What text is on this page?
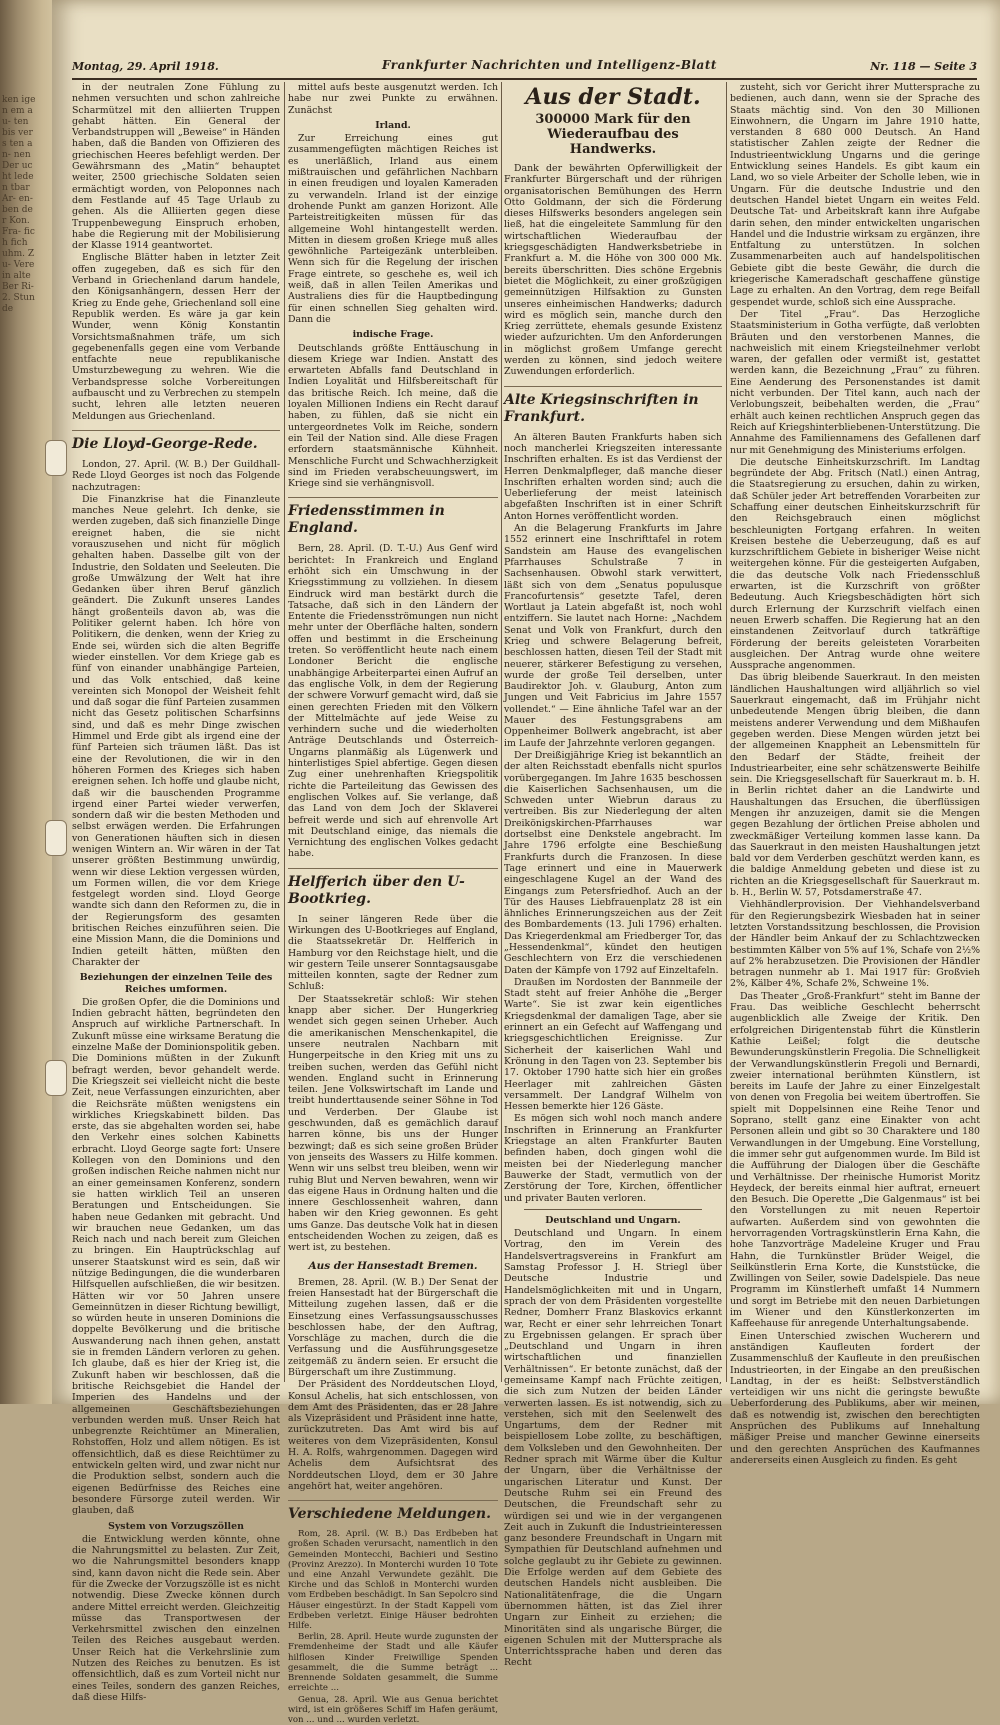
ken igen em au- ten bis vers ten an- nen Der ucht leden tbar Ar- en- ben der Kon. Fra- fich fich uhm. Zu- Verein alte Ber Ri- 2. Stunde
Montag, 29. April 1918.	Frankfurter Nachrichten und Intelligenz-Blatt	Nr. 118 — Seite 3

in der neutralen Zone Fühlung zu nehmen versuchten und schon zahlreiche Scharmützel mit den alliierten Truppen gehabt hätten. Ein General der Verbandstruppen will „Beweise“ in Händen haben, daß die Banden von Offizieren des griechischen Heeres befehligt werden. Der Gewährsmann des „Matin“ behauptet weiter, 2500 griechische Soldaten seien ermächtigt worden, von Peloponnes nach dem Festlande auf 45 Tage Urlaub zu gehen. Als die Alliierten gegen diese Truppenbewegung Einspruch erhoben, habe die Regierung mit der Mobilisierung der Klasse 1914 geantwortet.

Englische Blätter haben in letzter Zeit offen zugegeben, daß es sich für den Verband in Griechenland darum handele, den Königsanhängern, dessen Herr der Krieg zu Ende gehe, Griechenland soll eine Republik werden. Es wäre ja gar kein Wunder, wenn König Konstantin Vorsichtsmaßnahmen träfe, um sich gegebenenfalls gegen eine vom Verbande entfachte neue republikanische Umsturzbewegung zu wehren. Wie die Verbandspresse solche Vorbereitungen aufbauscht und zu Verbrechen zu stempeln sucht, lehren alle letzten neueren Meldungen aus Griechenland.

Die Lloyd-George-Rede.

London, 27. April. (W. B.) Der Guildhall-Rede Lloyd Georges ist noch das Folgende nachzutragen:

Die Finanzkrise hat die Finanzleute manches Neue gelehrt. Ich denke, sie werden zugeben, daß sich finanzielle Dinge ereignet haben, die sie nicht vorauszusehen und nicht für möglich gehalten haben. Dasselbe gilt von der Industrie, den Soldaten und Seeleuten. Die große Umwälzung der Welt hat ihre Gedanken über ihren Beruf gänzlich geändert. Die Zukunft unseres Landes hängt großenteils davon ab, was die Politiker gelernt haben. Ich höre von Politikern, die denken, wenn der Krieg zu Ende sei, würden sich die alten Begriffe wieder einstellen. Vor dem Kriege gab es fünf von einander unabhängige Parteien, und das Volk entschied, daß keine vereinten sich Monopol der Weisheit fehlt und daß sogar die fünf Parteien zusammen nicht das Gesetz politischen Scharfsinns sind, und daß es mehr Dinge zwischen Himmel und Erde gibt als irgend eine der fünf Parteien sich träumen läßt. Das ist eine der Revolutionen, die wir in den höheren Formen des Krieges sich haben ereignen sehen. Ich hoffe und glaube nicht, daß wir die bauschenden Programme irgend einer Partei wieder verwerfen, sondern daß wir die besten Methoden und selbst erwägen werden. Die Erfahrungen von Generationen häuften sich in diesen wenigen Wintern an. Wir wären in der Tat unserer größten Bestimmung unwürdig, wenn wir diese Lektion vergessen würden, um Formen willen, die vor dem Kriege festgelegt worden sind. Lloyd George wandte sich dann den Reformen zu, die in der Regierungsform des gesamten britischen Reiches einzuführen seien. Die eine Mission Mann, die die Dominions und Indien geteilt hätten, müßten den Charakter der

Beziehungen der einzelnen Teile des Reiches umformen.

Die großen Opfer, die die Dominions und Indien gebracht hätten, begründeten den Anspruch auf wirkliche Partnerschaft. In Zukunft müsse eine wirksame Beratung die einzelne Maße der Dominionspolitik geben. Die Dominions müßten in der Zukunft befragt werden, bevor gehandelt werde. Die Kriegszeit sei vielleicht nicht die beste Zeit, neue Verfassungen einzurichten, aber die Reichsräte müßten wenigstens ein wirkliches Kriegskabinett bilden. Das erste, das sie abgehalten worden sei, habe den Verkehr eines solchen Kabinetts erbracht. Lloyd George sagte fort: Unsere Kollegen von den Dominions und den großen indischen Reiche nahmen nicht nur an einer gemeinsamen Konferenz, sondern sie hatten wirklich Teil an unseren Beratungen und Entscheidungen. Sie haben neue Gedanken mit gebracht. Und wir brauchen neue Gedanken, um das Reich nach und nach bereit zum Gleichen zu bringen. Ein Hauptrückschlag auf unserer Staatskunst wird es sein, daß wir nützige Bedingungen, die die wunderbaren Hilfsquellen aufschließen, die wir besitzen. Hätten wir vor 50 Jahren unsere Gemeinnützen in dieser Richtung bewilligt, so würden heute in unseren Dominions die doppelte Bevölkerung und die britische Auswanderung nach ihnen gehen, anstatt sie in fremden Ländern verloren zu gehen. Ich glaube, daß es hier der Krieg ist, die Zukunft haben wir beschlossen, daß die britische Reichsgebiet die Handel der Imperien des Handelns und der allgemeinen Geschäftsbeziehungen verbunden werden muß. Unser Reich hat unbegrenzte Reichtümer an Mineralien, Rohstoffen, Holz und allem nötigen. Es ist offensichtlich, daß es diese Reichtümer zu entwickeln gelten wird, und zwar nicht nur die Produktion selbst, sondern auch die eigenen Bedürfnisse des Reiches eine besondere Fürsorge zuteil werden. Wir glauben, daß

System von Vorzugszöllen

die Entwicklung werden könnte, ohne die Nahrungsmittel zu belasten. Zur Zeit, wo die Nahrungsmittel besonders knapp sind, kann davon nicht die Rede sein. Aber für die Zwecke der Vorzugszölle ist es nicht notwendig. Diese Zwecke können durch andere Mittel erreicht werden. Gleichzeitig müsse das Transportwesen der Verkehrsmittel zwischen den einzelnen Teilen des Reiches ausgebaut werden. Unser Reich hat die Verkehrslinie zum Nutzen des Reiches zu benutzen. Es ist offensichtlich, daß es zum Vorteil nicht nur eines Teiles, sondern des ganzen Reiches, daß diese Hilfs-

mittel aufs beste ausgenutzt werden. Ich habe nur zwei Punkte zu erwähnen. Zunächst

Irland.

Zur Erreichung eines gut zusammengefügten mächtigen Reiches ist es unerläßlich, Irland aus einem mißtrauischen und gefährlichen Nachbarn in einen freudigen und loyalen Kameraden zu verwandeln. Irland ist der einzige drohende Punkt am ganzen Horizont. Alle Parteistreitigkeiten müssen für das allgemeine Wohl hintangestellt werden. Mitten in diesem großen Kriege muß alles gewöhnliche Parteigezänk unterbleiben. Wenn sich für die Regelung der irischen Frage eintrete, so geschehe es, weil ich weiß, daß in allen Teilen Amerikas und Australiens dies für die Hauptbedingung für einen schnellen Sieg gehalten wird. Dann die

indische Frage.

Deutschlands größte Enttäuschung in diesem Kriege war Indien. Anstatt des erwarteten Abfalls fand Deutschland in Indien Loyalität und Hilfsbereitschaft für das britische Reich. Ich meine, daß die loyalen Millionen Indiens ein Recht darauf haben, zu fühlen, daß sie nicht ein untergeordnetes Volk im Reiche, sondern ein Teil der Nation sind. Alle diese Fragen erfordern staatsmännische Kühnheit. Menschliche Furcht und Schwachherzigkeit sind im Frieden verabscheuungswert, im Kriege sind sie verhängnisvoll.

Friedensstimmen in England.

Bern, 28. April. (D. T.-U.) Aus Genf wird berichtet: In Frankreich und England erhöht sich ein Umschwung in der Kriegsstimmung zu vollziehen. In diesem Eindruck wird man bestärkt durch die Tatsache, daß sich in den Ländern der Entente die Friedensströmungen nun nicht mehr unter der Oberfläche halten, sondern offen und bestimmt in die Erscheinung treten. So veröffentlicht heute nach einem Londoner Bericht die englische unabhängige Arbeiterpartei einen Aufruf an das englische Volk, in dem der Regierung der schwere Vorwurf gemacht wird, daß sie einen gerechten Frieden mit den Völkern der Mittelmächte auf jede Weise zu verhindern suche und die wiederholten Anträge Deutschlands und Österreich-Ungarns planmäßig als Lügenwerk und hinterlistiges Spiel abfertige. Gegen diesen Zug einer unehrenhaften Kriegspolitik richte die Parteileitung das Gewissen des englischen Volkes auf. Sie verlange, daß das Land von dem Joch der Sklaverei befreit werde und sich auf ehrenvolle Art mit Deutschland einige, das niemals die Vernichtung des englischen Volkes gedacht habe.

Helfferich über den U-Bootkrieg.

In seiner längeren Rede über die Wirkungen des U-Bootkrieges auf England, die Staatssekretär Dr. Helfferich in Hamburg vor den Reichstage hielt, und die wir gestern Teile unserer Sonntagsausgabe mitteilen konnten, sagte der Redner zum Schluß:

Der Staatssekretär schloß: Wir stehen knapp aber sicher. Der Hungerkrieg wendet sich gegen seinen Urheber. Auch die amerikanischen Menschenkapitel, die unsere neutralen Nachbarn mit Hungerpeitsche in den Krieg mit uns zu treiben suchen, werden das Gefühl nicht wenden. England sucht in Erinnerung teilen. Jene Volkswirtschaft im Lande und treibt hunderttausende seiner Söhne in Tod und Verderben. Der Glaube ist geschwunden, daß es gemächlich darauf harren könne, bis uns der Hunger bezwingt; daß es sich seine großen Brüder von jenseits des Wassers zu Hilfe kommen. Wenn wir uns selbst treu bleiben, wenn wir ruhig Blut und Nerven bewahren, wenn wir das eigene Haus in Ordnung halten und die innere Geschlossenheit wahren, dann haben wir den Krieg gewonnen. Es geht ums Ganze. Das deutsche Volk hat in diesen entscheidenden Wochen zu zeigen, daß es wert ist, zu bestehen.

Aus der Hansestadt Bremen.

Bremen, 28. April. (W. B.) Der Senat der freien Hansestadt hat der Bürgerschaft die Mitteilung zugehen lassen, daß er die Einsetzung eines Verfassungsausschusses beschlossen habe, der den Auftrag, Vorschläge zu machen, durch die die Verfassung und die Ausführungsgesetze zeitgemäß zu ändern seien. Er ersucht die Bürgerschaft um ihre Zustimmung.

Der Präsident des Norddeutschen Lloyd, Konsul Achelis, hat sich entschlossen, von dem Amt des Präsidenten, das er 28 Jahre als Vizepräsident und Präsident inne hatte, zurückzutreten. Das Amt wird bis auf weiteres von dem Vizepräsidenten, Konsul H. A. Rolfs, wahrgenommen. Dagegen wird Achelis dem Aufsichtsrat des Norddeutschen Lloyd, dem er 30 Jahre angehört hat, weiter angehören.

Verschiedene Meldungen.

Rom, 28. April. (W. B.) Das Erdbeben hat großen Schaden verursacht, namentlich in den Gemeinden Montecchi, Bachieri und Sestino (Provinz Arezzo). In Monterchi wurden 10 Tote und eine Anzahl Verwundete gezählt. Die Kirche und das Schloß in Monterchi wurden vom Erdbeben beschädigt. In San Sepolcro sind Häuser eingestürzt. In der Stadt Kappeli vom Erdbeben verletzt. Einige Häuser bedrohten Hilfe.

Berlin, 28. April. Heute wurde zugunsten der Fremdenheime der Stadt und alle Käufer hilflosen Kinder Freiwillige Spenden gesammelt, die die Summe beträgt ... Brennende Soldaten gesammelt, die Summe erreichte ...

Genua, 28. April. Wie aus Genua berichtet wird, ist ein größeres Schiff im Hafen geräumt, von ... und ... wurden verletzt.

Aus der Stadt.
300000 Mark für den Wiederaufbau des Handwerks.

Dank der bewährten Opferwilligkeit der Frankfurter Bürgerschaft und der rührigen organisatorischen Bemühungen des Herrn Otto Goldmann, der sich die Förderung dieses Hilfswerks besonders angelegen sein ließ, hat die eingeleitete Sammlung für den wirtschaftlichen Wiederaufbau der kriegsgeschädigten Handwerksbetriebe in Frankfurt a. M. die Höhe von 300 000 Mk. bereits überschritten. Dies schöne Ergebnis bietet die Möglichkeit, zu einer großzügigen gemeinnützigen Hilfsaktion zu Gunsten unseres einheimischen Handwerks; dadurch wird es möglich sein, manche durch den Krieg zerrüttete, ehemals gesunde Existenz wieder aufzurichten. Um den Anforderungen in möglichst großem Umfange gerecht werden zu können, sind jedoch weitere Zuwendungen erforderlich.

Alte Kriegsinschriften in Frankfurt.

An älteren Bauten Frankfurts haben sich noch mancherlei Kriegszeiten interessante Inschriften erhalten. Es ist das Verdienst der Herren Denkmalpfleger, daß manche dieser Inschriften erhalten worden sind; auch die Ueberlieferung der meist lateinisch abgefaßten Inschriften ist in einer Schrift Anton Hornes veröffentlicht worden.

An die Belagerung Frankfurts im Jahre 1552 erinnert eine Inschrifttafel in rotem Sandstein am Hause des evangelischen Pfarrhauses Schulstraße 7 in Sachsenhausen. Obwohl stark verwittert, läßt sich von dem „Senatus populusque Francofurtensis“ gesetzte Tafel, deren Wortlaut ja Latein abgefaßt ist, noch wohl entziffern. Sie lautet nach Horne: „Nachdem Senat und Volk von Frankfurt, durch den Krieg und schwere Belagerung befreit, beschlossen hatten, diesen Teil der Stadt mit neuerer, stärkerer Befestigung zu versehen, wurde der große Teil derselben, unter Baudirektor Joh. v. Glauburg, Anton zum Jungen und Veit Fabricius im Jahre 1557 vollendet.“ — Eine ähnliche Tafel war an der Mauer des Festungsgrabens am Oppenheimer Bollwerk angebracht, ist aber im Laufe der Jahrzehnte verloren gegangen.

Der Dreißigjährige Krieg ist bekanntlich an der alten Reichsstadt ebenfalls nicht spurlos vorübergegangen. Im Jahre 1635 beschossen die Kaiserlichen Sachsenhausen, um die Schweden unter Wiebrun daraus zu vertreiben. Bis zur Niederlegung der alten Dreikönigskirchen-Pfarrhauses war dortselbst eine Denkstele angebracht. Im Jahre 1796 erfolgte eine Beschießung Frankfurts durch die Franzosen. In diese Tage erinnert und eine in Mauerwerk eingeschlagene Kugel an der Wand des Eingangs zum Petersfriedhof. Auch an der Tür des Hauses Liebfrauenplatz 28 ist ein ähnliches Erinnerungszeichen aus der Zeit des Bombardements (13. Juli 1796) erhalten. Das Kriegerdenkmal am Friedberger Tor, das „Hessendenkmal“, kündet den heutigen Geschlechtern von Erz die verschiedenen Daten der Kämpfe von 1792 auf Einzeltafeln.

Draußen im Nordosten der Bannmeile der Stadt steht auf freier Anhöhe die „Berger Warte“. Sie ist zwar kein eigentliches Kriegsdenkmal der damaligen Tage, aber sie erinnert an ein Gefecht auf Waffengang und kriegsgeschichtlichen Ereignisse. Zur Sicherheit der kaiserlichen Wahl und Krönung in den Tagen von 23. September bis 17. Oktober 1790 hatte sich hier ein großes Heerlager mit zahlreichen Gästen versammelt. Der Landgraf Wilhelm von Hessen bemerkte hier 126 Gäste.

Es mögen sich wohl noch manch andere Inschriften in Erinnerung an Frankfurter Kriegstage an alten Frankfurter Bauten befinden haben, doch gingen wohl die meisten bei der Niederlegung mancher Bauwerke der Stadt, vermutlich von der Zerstörung der Tore, Kirchen, öffentlicher und privater Bauten verloren.

Deutschland und Ungarn.

Deutschland und Ungarn. In einem Vortrag, den im Verein des Handelsvertragsvereins in Frankfurt am Samstag Professor J. H. Striegl über Deutsche Industrie und Handelsmöglichkeiten mit und in Ungarn, sprach der von dem Präsidenten vorgestellte Redner, Domherr Franz Blaskovics erkannt war, Recht er einer sehr lehrreichen Tonart zu Ergebnissen gelangen. Er sprach über „Deutschland und Ungarn in ihren wirtschaftlichen und finanziellen Verhältnissen“. Er betonte zunächst, daß der gemeinsame Kampf nach Früchte zeitigen, die sich zum Nutzen der beiden Länder verwerten lassen. Es ist notwendig, sich zu verstehen, sich mit den Seelenwelt des Ungartums, dem der Redner mit beispiellosem Lobe zollte, zu beschäftigen, dem Volksleben und den Gewohnheiten. Der Redner sprach mit Wärme über die Kultur der Ungarn, über die Verhältnisse der ungarischen Literatur und Kunst. Der Deutsche Ruhm sei ein Freund des Deutschen, die Freundschaft sehr zu würdigen sei und wie in der vergangenen Zeit auch in Zukunft die Industrieinteressen ganz besondere Freundschaft in Ungarn mit Sympathien für Deutschland aufnehmen und solche geglaubt zu ihr Gebiete zu gewinnen. Die Erfolge werden auf dem Gebiete des deutschen Handels nicht ausbleiben. Die Nationalitätenfrage, die die Ungarn übernommen hätten, ist das Ziel ihrer Ungarn zur Einheit zu erziehen; die Minoritäten sind als ungarische Bürger, die eigenen Schulen mit der Muttersprache als Unterrichtssprache haben und deren das Recht

zusteht, sich vor Gericht ihrer Muttersprache zu bedienen, auch dann, wenn sie der Sprache des Staats mächtig sind. Von den 30 Millionen Einwohnern, die Ungarn im Jahre 1910 hatte, verstanden 8 680 000 Deutsch. An Hand statistischer Zahlen zeigte der Redner die Industrieentwicklung Ungarns und die geringe Entwicklung seines Handels. Es gibt kaum ein Land, wo so viele Arbeiter der Scholle leben, wie in Ungarn. Für die deutsche Industrie und den deutschen Handel bietet Ungarn ein weites Feld. Deutsche Tat- und Arbeitskraft kann ihre Aufgabe darin sehen, den minder entwickelten ungarischen Handel und die Industrie wirksam zu ergänzen, ihre Entfaltung zu unterstützen. In solchen Zusammenarbeiten auch auf handelspolitischen Gebiete gibt die beste Gewähr, die durch die kriegerische Kameradschaft geschaffene günstige Lage zu erhalten. An den Vortrag, dem rege Beifall gespendet wurde, schloß sich eine Aussprache.

Der Titel „Frau“. Das Herzogliche Staatsministerium in Gotha verfügte, daß verlobten Bräuten und den verstorbenen Mannes, die nachweislich mit einem Kriegsteilnehmer verlobt waren, der gefallen oder vermißt ist, gestattet werden kann, die Bezeichnung „Frau“ zu führen. Eine Aenderung des Personenstandes ist damit nicht verbunden. Der Titel kann, auch nach der Verlobungszeit, beibehalten werden, die „Frau“ erhält auch keinen rechtlichen Anspruch gegen das Reich auf Kriegshinterbliebenen-Unterstützung. Die Annahme des Familiennamens des Gefallenen darf nur mit Genehmigung des Ministeriums erfolgen.

Die deutsche Einheitskurzschrift. Im Landtag begründete der Abg. Fritsch (Natl.) einen Antrag, die Staatsregierung zu ersuchen, dahin zu wirken, daß Schüler jeder Art betreffenden Vorarbeiten zur Schaffung einer deutschen Einheitskurzschrift für den Reichsgebrauch einen möglichst beschleunigten Fortgang erfahren. In weiten Kreisen bestehe die Ueberzeugung, daß es auf kurzschriftlichem Gebiete in bisheriger Weise nicht weitergehen könne. Für die gesteigerten Aufgaben, die das deutsche Volk nach Friedensschluß erwarten, ist die Kurzschrift von größter Bedeutung. Auch Kriegsbeschädigten hört sich durch Erlernung der Kurzschrift vielfach einen neuen Erwerb schaffen. Die Regierung hat an den einstandenen Zeitvorlauf durch tatkräftige Förderung der bereits geleisteten Vorarbeiten ausgleichen. Der Antrag wurde ohne weitere Aussprache angenommen.

Das übrig bleibende Sauerkraut. In den meisten ländlichen Haushaltungen wird alljährlich so viel Sauerkraut eingemacht, daß im Frühjahr nicht unbedeutende Mengen übrig bleiben, die dann meistens anderer Verwendung und dem Mißhaufen gegeben werden. Diese Mengen würden jetzt bei der allgemeinen Knappheit an Lebensmitteln für den Bedarf der Städte, freiheit der Industriearbeiter, eine sehr schätzenswerte Beihilfe sein. Die Kriegsgesellschaft für Sauerkraut m. b. H. in Berlin richtet daher an die Landwirte und Haushaltungen das Ersuchen, die überflüssigen Mengen ihr anzuzeigen, damit sie die Mengen gegen Bezahlung der örtlichen Preise abholen und zweckmäßiger Verteilung kommen lasse kann. Da das Sauerkraut in den meisten Haushaltungen jetzt bald vor dem Verderben geschützt werden kann, es die baldige Anmeldung gebeten und diese ist zu richten an die Kriegsgesellschaft für Sauerkraut m. b. H., Berlin W. 57, Potsdamerstraße 47.

Viehhändlerprovision. Der Viehhandelsverband für den Regierungsbezirk Wiesbaden hat in seiner letzten Vorstandssitzung beschlossen, die Provision der Händler beim Ankauf der zu Schlachtzwecken bestimmten Kälber von 5% auf 1%, Schafe von 2½% auf 2% herabzusetzen. Die Provisionen der Händler betragen nunmehr ab 1. Mai 1917 für: Großvieh 2%, Kälber 4%, Schafe 2%, Schweine 1%.

Das Theater „Groß-Frankfurt“ steht im Banne der Frau. Das weibliche Geschlecht beherrscht augenblicklich alle Zweige der Kritik. Den erfolgreichen Dirigentenstab führt die Künstlerin Kathie Leißel; folgt die deutsche Bewunderungskünstlerin Fregolia. Die Schnelligkeit der Verwandlungskünstlerin Fregoli und Bernardi, zweier international berühmten Künstlern, ist bereits im Laufe der Jahre zu einer Einzelgestalt von denen von Fregolia bei weitem übertroffen. Sie spielt mit Doppelsinnen eine Reihe Tenor und Soprano, stellt ganz eine Einakter von acht Personen allein und gibt so 30 Charaktere und 180 Verwandlungen in der Umgebung. Eine Vorstellung, die immer sehr gut aufgenommen wurde. Im Bild ist die Aufführung der Dialogen über die Geschäfte und Verhältnisse. Der rheinische Humorist Moritz Heydeck, der bereits einmal hier auftrat, erneuert den Besuch. Die Operette „Die Galgenmaus“ ist bei den Vorstellungen zu mit neuen Repertoir aufwarten. Außerdem sind von gewohnten die hervorragenden Vortragskünstlerin Erna Kahn, die hohe Tanzvorträge Madeleine Kruger und Frau Hahn, die Turnkünstler Brüder Weigel, die Seilkünstlerin Erna Korte, die Kunststücke, die Zwillingen von Seiler, sowie Dadelspiele. Das neue Programm im Künstlerheft umfaßt 14 Nummern und sorgt im Betriebe mit den neuen Darbietungen im Wiener und den Künstlerkonzerten im Kaffeehause für anregende Unterhaltungsabende.

Einen Unterschied zwischen Wucherern und anständigen Kaufleuten fordert der Zusammenschluß der Kaufleute in den preußischen Industrieorten, in der Eingabe an den preußischen Landtag, in der es heißt: Selbstverständlich verteidigen wir uns nicht die geringste bewußte Ueberforderung des Publikums, aber wir meinen, daß es notwendig ist, zwischen den berechtigten Ansprüchen des Publikums auf Innehaltung mäßiger Preise und mancher Gewinne einerseits und den gerechten Ansprüchen des Kaufmannes andererseits einen Ausgleich zu finden. Es geht
